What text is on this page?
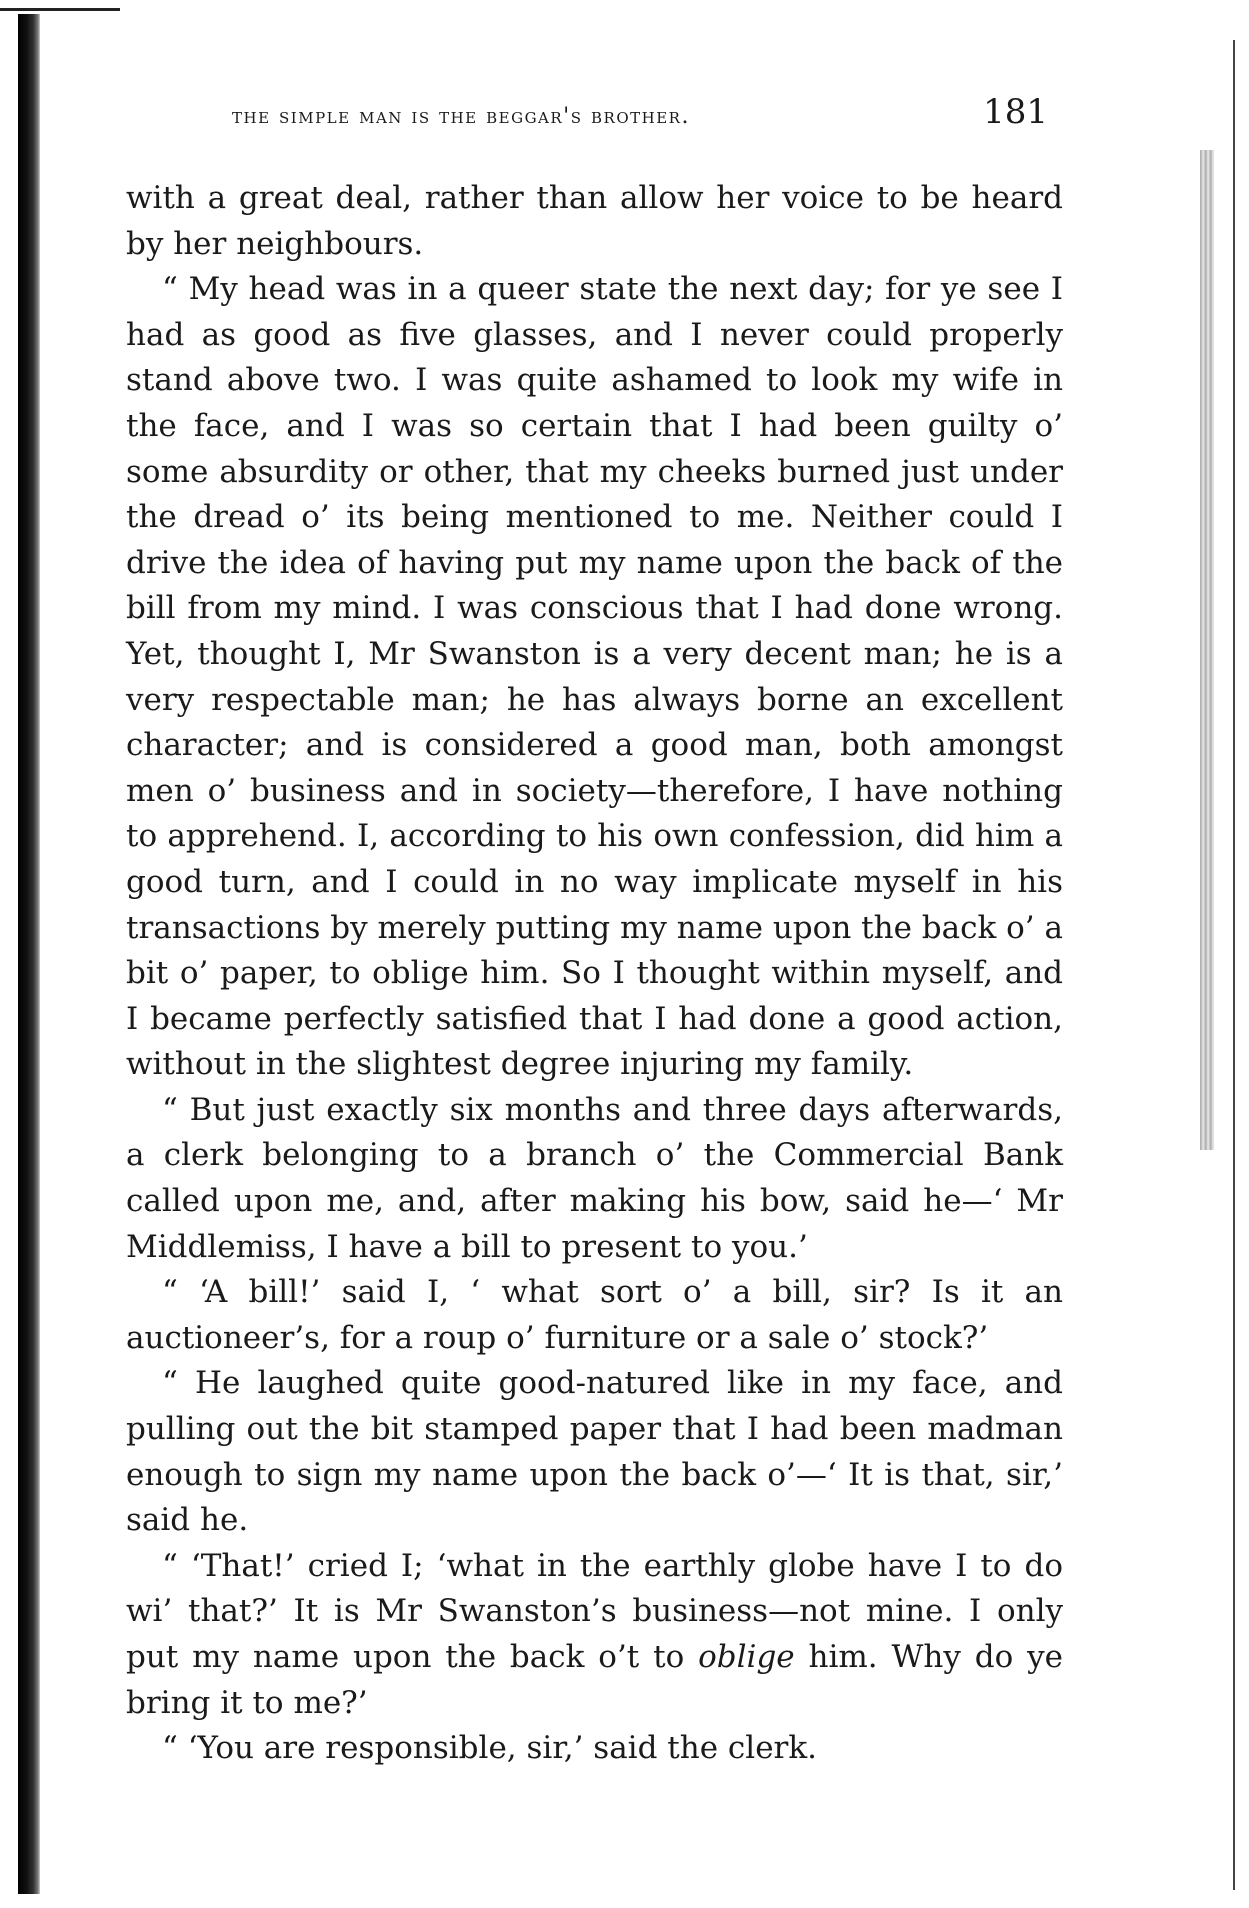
the simple man is the beggar's brother.	181

with a great deal, rather than allow her voice to be heard by her neighbours.

“ My head was in a queer state the next day; for ye see I had as good as five glasses, and I never could properly stand above two. I was quite ashamed to look my wife in the face, and I was so certain that I had been guilty o’ some absurdity or other, that my cheeks burned just under the dread o’ its being mentioned to me. Neither could I drive the idea of having put my name upon the back of the bill from my mind. I was conscious that I had done wrong. Yet, thought I, Mr Swanston is a very decent man; he is a very respectable man; he has always borne an excellent character; and is considered a good man, both amongst men o’ business and in society—therefore, I have nothing to apprehend. I, according to his own confession, did him a good turn, and I could in no way implicate myself in his transactions by merely putting my name upon the back o’ a bit o’ paper, to oblige him. So I thought within myself, and I became perfectly satisfied that I had done a good action, without in the slightest degree injuring my family.

“ But just exactly six months and three days afterwards, a clerk belonging to a branch o’ the Commercial Bank called upon me, and, after making his bow, said he—‘ Mr Middlemiss, I have a bill to present to you.’

“ ‘A bill!’ said I, ‘ what sort o’ a bill, sir? Is it an auctioneer’s, for a roup o’ furniture or a sale o’ stock?’

“ He laughed quite good-natured like in my face, and pulling out the bit stamped paper that I had been madman enough to sign my name upon the back o’—‘ It is that, sir,’ said he.

“ ‘That!’ cried I; ‘what in the earthly globe have I to do wi’ that?’ It is Mr Swanston’s business—not mine. I only put my name upon the back o’t to oblige him. Why do ye bring it to me?’

“ ‘You are responsible, sir,’ said the clerk.
